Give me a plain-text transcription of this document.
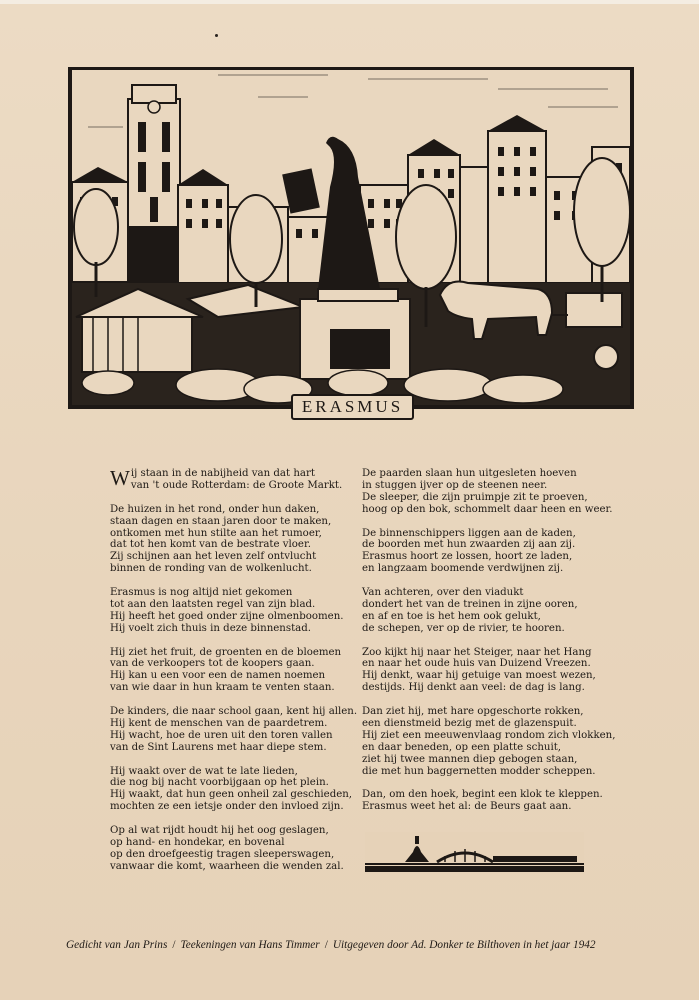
ERASMUS
W ij staan in de nabijheid van dat hart
van 't oude Rotterdam: de Groote Markt.
De huizen in het rond, onder hun daken,
staan dagen en staan jaren door te maken,
ontkomen met hun stilte aan het rumoer,
dat tot hen komt van de bestrate vloer.
Zij schijnen aan het leven zelf ontvlucht
binnen de ronding van de wolkenlucht.
Erasmus is nog altijd niet gekomen
tot aan den laatsten regel van zijn blad.
Hij heeft het goed onder zijne olmenboomen.
Hij voelt zich thuis in deze binnenstad.
Hij ziet het fruit, de groenten en de bloemen
van de verkoopers tot de koopers gaan.
Hij kan u een voor een de namen noemen
van wie daar in hun kraam te venten staan.
De kinders, die naar school gaan, kent hij allen.
Hij kent de menschen van de paardetrem.
Hij wacht, hoe de uren uit den toren vallen
van de Sint Laurens met haar diepe stem.
Hij waakt over de wat te late lieden,
die nog bij nacht voorbijgaan op het plein.
Hij waakt, dat hun geen onheil zal geschieden,
mochten ze een ietsje onder den invloed zijn.
Op al wat rijdt houdt hij het oog geslagen,
op hand- en hondekar, en bovenal
op den droefgeestig tragen sleeperswagen,
vanwaar die komt, waarheen die wenden zal.
De paarden slaan hun uitgesleten hoeven
in stuggen ijver op de steenen neer.
De sleeper, die zijn pruimpje zit te proeven,
hoog op den bok, schommelt daar heen en weer.
De binnenschippers liggen aan de kaden,
de boorden met hun zwaarden zij aan zij.
Erasmus hoort ze lossen, hoort ze laden,
en langzaam boomende verdwijnen zij.
Van achteren, over den viadukt
dondert het van de treinen in zijne ooren,
en af en toe is het hem ook gelukt,
de schepen, ver op de rivier, te hooren.
Zoo kijkt hij naar het Steiger, naar het Hang
en naar het oude huis van Duizend Vreezen.
Hij denkt, waar hij getuige van moest wezen,
destijds. Hij denkt aan veel: de dag is lang.
Dan ziet hij, met hare opgeschorte rokken,
een dienstmeid bezig met de glazenspuit.
Hij ziet een meeuwenvlaag rondom zich vlokken,
en daar beneden, op een platte schuit,
ziet hij twee mannen diep gebogen staan,
die met hun baggernetten modder scheppen.
Dan, om den hoek, begint een klok te kleppen.
Erasmus weet het al: de Beurs gaat aan.
Gedicht van Jan Prins / Teekeningen van Hans Timmer / Uitgegeven door Ad. Donker te Bilthoven in het jaar 1942
